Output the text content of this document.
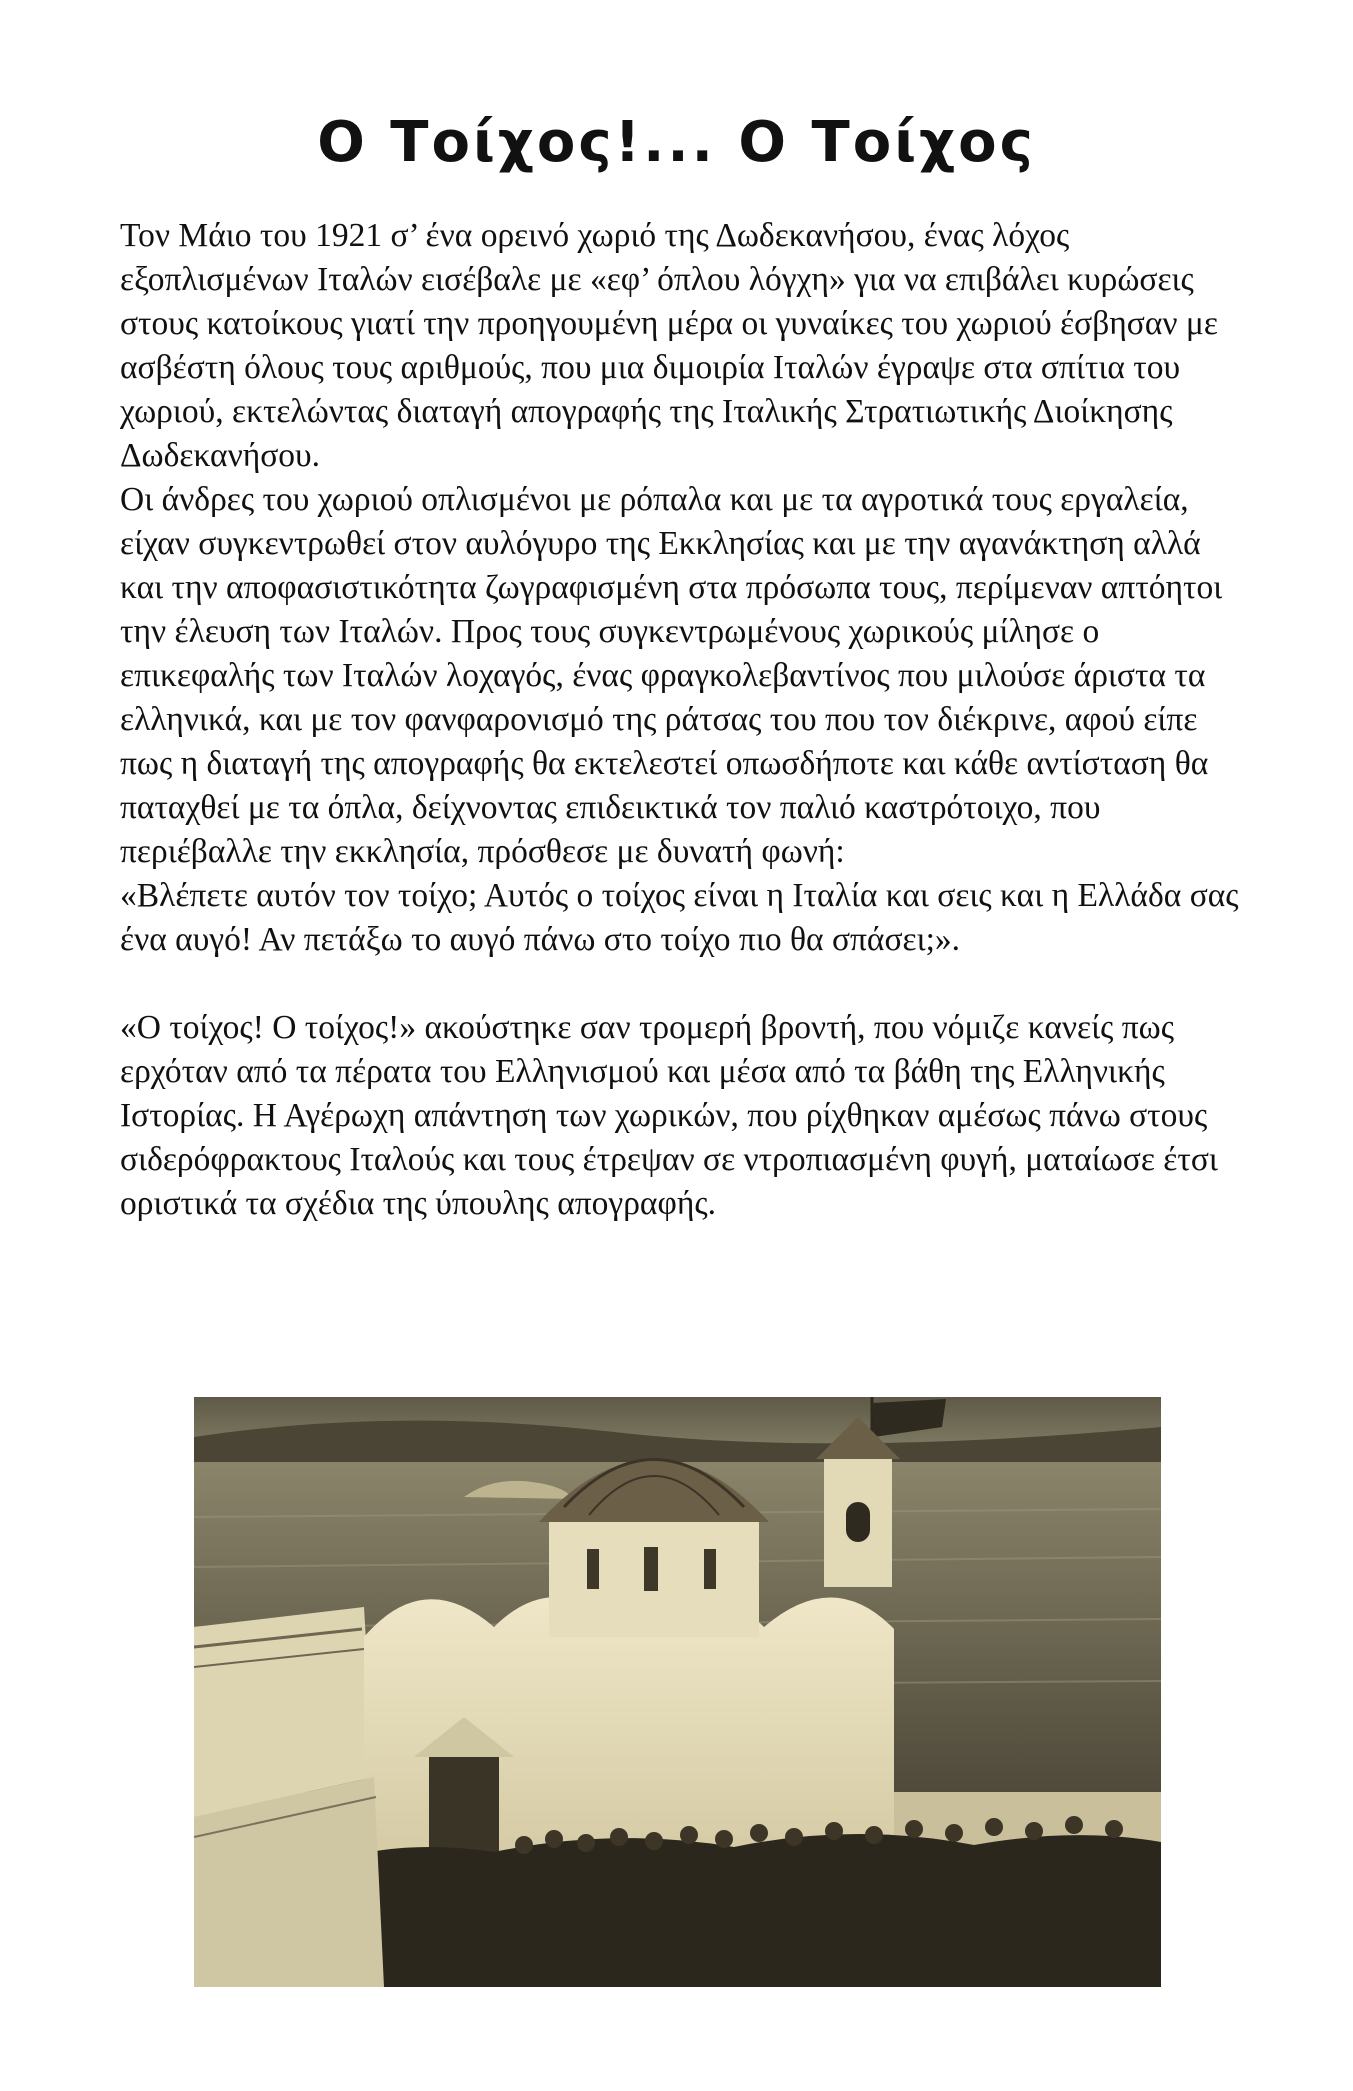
Ο Τοίχος!... Ο Τοίχος

Τον Μάιο του 1921 σ’ ένα ορεινό χωριό της Δωδεκανήσου, ένας λόχος εξοπλισμένων Ιταλών εισέβαλε με «εφ’ όπλου λόγχη» για να επιβάλει κυρώσεις στους κατοίκους γιατί την προηγουμένη μέρα οι γυναίκες του χωριού έσβησαν με ασβέστη όλους τους αριθμούς, που μια διμοιρία Ιταλών έγραψε στα σπίτια του χωριού, εκτελώντας διαταγή απογραφής της Ιταλικής Στρατιωτικής Διοίκησης Δωδεκανήσου.

Οι άνδρες του χωριού οπλισμένοι με ρόπαλα και με τα αγροτικά τους εργαλεία, είχαν συγκεντρωθεί στον αυλόγυρο της Εκκλησίας και με την αγανάκτηση αλλά και την αποφασιστικότητα ζωγραφισμένη στα πρόσωπα τους, περίμεναν απτόητοι την έλευση των Ιταλών. Προς τους συγκεντρωμένους χωρικούς μίλησε ο επικεφαλής των Ιταλών λοχαγός, ένας φραγκολεβαντίνος που μιλούσε άριστα τα ελληνικά, και με τον φανφαρονισμό της ράτσας του που τον διέκρινε, αφού είπε πως η διαταγή της απογραφής θα εκτελεστεί οπωσδήποτε και κάθε αντίσταση θα παταχθεί με τα όπλα, δείχνοντας επιδεικτικά τον παλιό καστρότοιχο, που περιέβαλλε την εκκλησία, πρόσθεσε με δυνατή φωνή:

«Βλέπετε αυτόν τον τοίχο; Αυτός ο τοίχος είναι η Ιταλία και σεις και η Ελλάδα σας ένα αυγό! Αν πετάξω το αυγό πάνω στο τοίχο πιο θα σπάσει;».

«Ο τοίχος! Ο τοίχος!» ακούστηκε σαν τρομερή βροντή, που νόμιζε κανείς πως ερχόταν από τα πέρατα του Ελληνισμού και μέσα από τα βάθη της Ελληνικής Ιστορίας. Η Αγέρωχη απάντηση των χωρικών, που ρίχθηκαν αμέσως πάνω στους σιδερόφρακτους Ιταλούς και τους έτρεψαν σε ντροπιασμένη φυγή, ματαίωσε έτσι οριστικά τα σχέδια της ύπουλης απογραφής.
